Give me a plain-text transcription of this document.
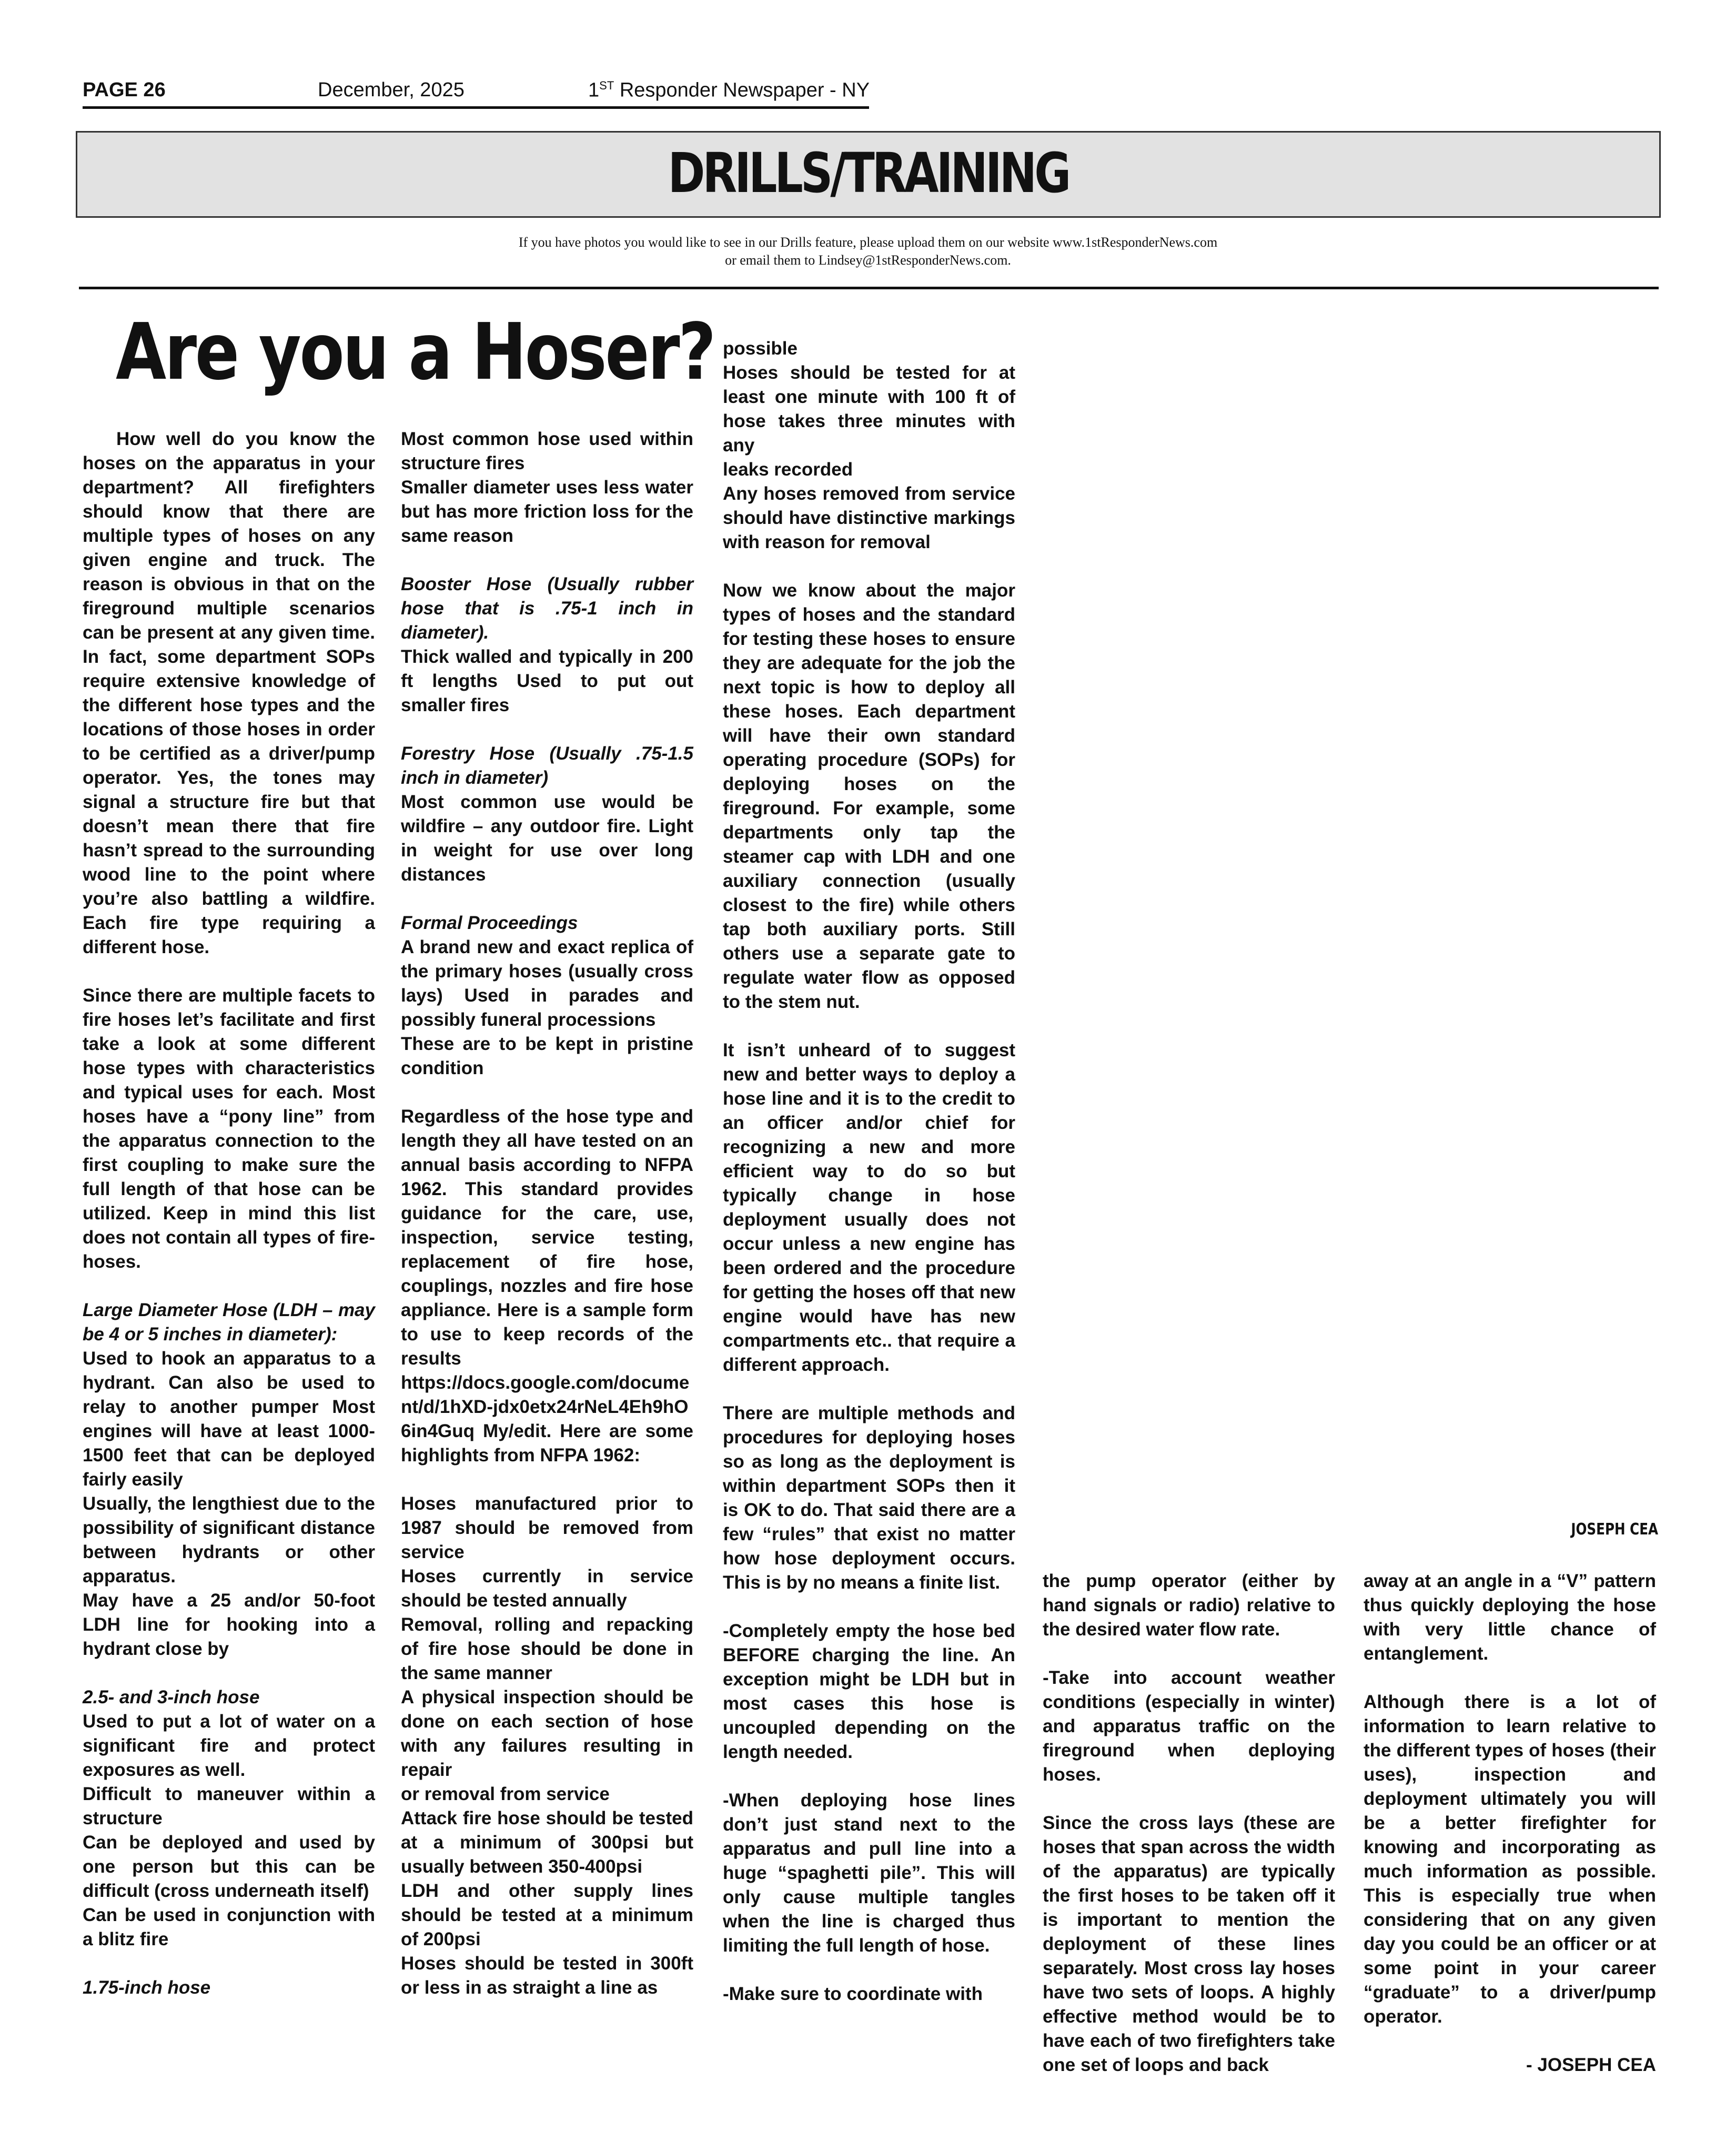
PAGE 26	December, 2025	1ST Responder Newspaper - NY
DRILLS/TRAINING
If you have photos you would like to see in our Drills feature, please upload them on our website www.1stResponderNews.com
or email them to Lindsey@1stResponderNews.com.
Are you a Hoser?
JOSEPH CEA

How well do you know the hoses on the apparatus in your department? All firefighters should know that there are multiple types of hoses on any given engine and truck. The reason is obvious in that on the fireground multiple scenarios can be present at any given time. In fact, some department SOPs require extensive knowledge of the different hose types and the locations of those hoses in order to be certified as a driver/pump operator. Yes, the tones may signal a structure fire but that doesn’t mean there that fire hasn’t spread to the surrounding wood line to the point where you’re also battling a wildfire. Each fire type requiring a different hose.

Since there are multiple facets to fire hoses let’s facilitate and first take a look at some different hose types with characteristics and typical uses for each. Most hoses have a “pony line” from the apparatus connection to the first coupling to make sure the full length of that hose can be utilized. Keep in mind this list does not contain all types of fire-hoses.

Large Diameter Hose (LDH – may be 4 or 5 inches in diameter):

Used to hook an apparatus to a hydrant. Can also be used to relay to another pumper Most engines will have at least 1000-1500 feet that can be deployed fairly easily

Usually, the lengthiest due to the possibility of significant distance between hydrants or other apparatus.

May have a 25 and/or 50-foot LDH line for hooking into a hydrant close by

2.5- and 3-inch hose

Used to put a lot of water on a significant fire and protect exposures as well.

Difficult to maneuver within a structure

Can be deployed and used by one person but this can be difficult (cross underneath itself)

Can be used in conjunction with a blitz fire

1.75-inch hose

Most common hose used within structure fires

Smaller diameter uses less water but has more friction loss for the same reason

Booster Hose (Usually rubber hose that is .75-1 inch in diameter).

Thick walled and typically in 200 ft lengths Used to put out smaller fires

Forestry Hose (Usually .75-1.5 inch in diameter)

Most common use would be wildfire – any outdoor fire. Light in weight for use over long distances

Formal Proceedings

A brand new and exact replica of the primary hoses (usually cross lays) Used in parades and possibly funeral processions

These are to be kept in pristine condition

Regardless of the hose type and length they all have tested on an annual basis according to NFPA 1962. This standard provides guidance for the care, use, inspection, service testing, replacement of fire hose, couplings, nozzles and fire hose appliance. Here is a sample form to use to keep records of the results

https://docs.google.com/document/d/1hXD-jdx0etx24rNeL4Eh9hO6in4Guq My/edit. Here are some highlights from NFPA 1962:

Hoses manufactured prior to 1987 should be removed from service

Hoses currently in service should be tested annually

Removal, rolling and repacking of fire hose should be done in the same manner

A physical inspection should be done on each section of hose with any failures resulting in repair

or removal from service

Attack fire hose should be tested at a minimum of 300psi but usually between 350-400psi

LDH and other supply lines should be tested at a minimum of 200psi

Hoses should be tested in 300ft or less in as straight a line as

possible

Hoses should be tested for at least one minute with 100 ft of hose takes three minutes with any

leaks recorded

Any hoses removed from service should have distinctive markings with reason for removal

Now we know about the major types of hoses and the standard for testing these hoses to ensure they are adequate for the job the next topic is how to deploy all these hoses. Each department will have their own standard operating procedure (SOPs) for deploying hoses on the fireground. For example, some departments only tap the steamer cap with LDH and one auxiliary connection (usually closest to the fire) while others tap both auxiliary ports. Still others use a separate gate to regulate water flow as opposed to the stem nut.

It isn’t unheard of to suggest new and better ways to deploy a hose line and it is to the credit to an officer and/or chief for recognizing a new and more efficient way to do so but typically change in hose deployment usually does not occur unless a new engine has been ordered and the procedure for getting the hoses off that new engine would have has new compartments etc.. that require a different approach.

There are multiple methods and procedures for deploying hoses so as long as the deployment is within department SOPs then it is OK to do. That said there are a few “rules” that exist no matter how hose deployment occurs. This is by no means a finite list.

-Completely empty the hose bed BEFORE charging the line. An exception might be LDH but in most cases this hose is uncoupled depending on the length needed.

-When deploying hose lines don’t just stand next to the apparatus and pull line into a huge “spaghetti pile”. This will only cause multiple tangles when the line is charged thus limiting the full length of hose.

-Make sure to coordinate with

the pump operator (either by hand signals or radio) relative to the desired water flow rate.

-Take into account weather conditions (especially in winter) and apparatus traffic on the fireground when deploying hoses.

Since the cross lays (these are hoses that span across the width of the apparatus) are typically the first hoses to be taken off it is important to mention the deployment of these lines separately. Most cross lay hoses have two sets of loops. A highly effective method would be to have each of two firefighters take one set of loops and back

away at an angle in a “V” pattern thus quickly deploying the hose with very little chance of entanglement.

Although there is a lot of information to learn relative to the different types of hoses (their uses), inspection and deployment ultimately you will be a better firefighter for knowing and incorporating as much information as possible. This is especially true when considering that on any given day you could be an officer or at some point in your career “graduate” to a driver/pump operator.

- JOSEPH CEA
